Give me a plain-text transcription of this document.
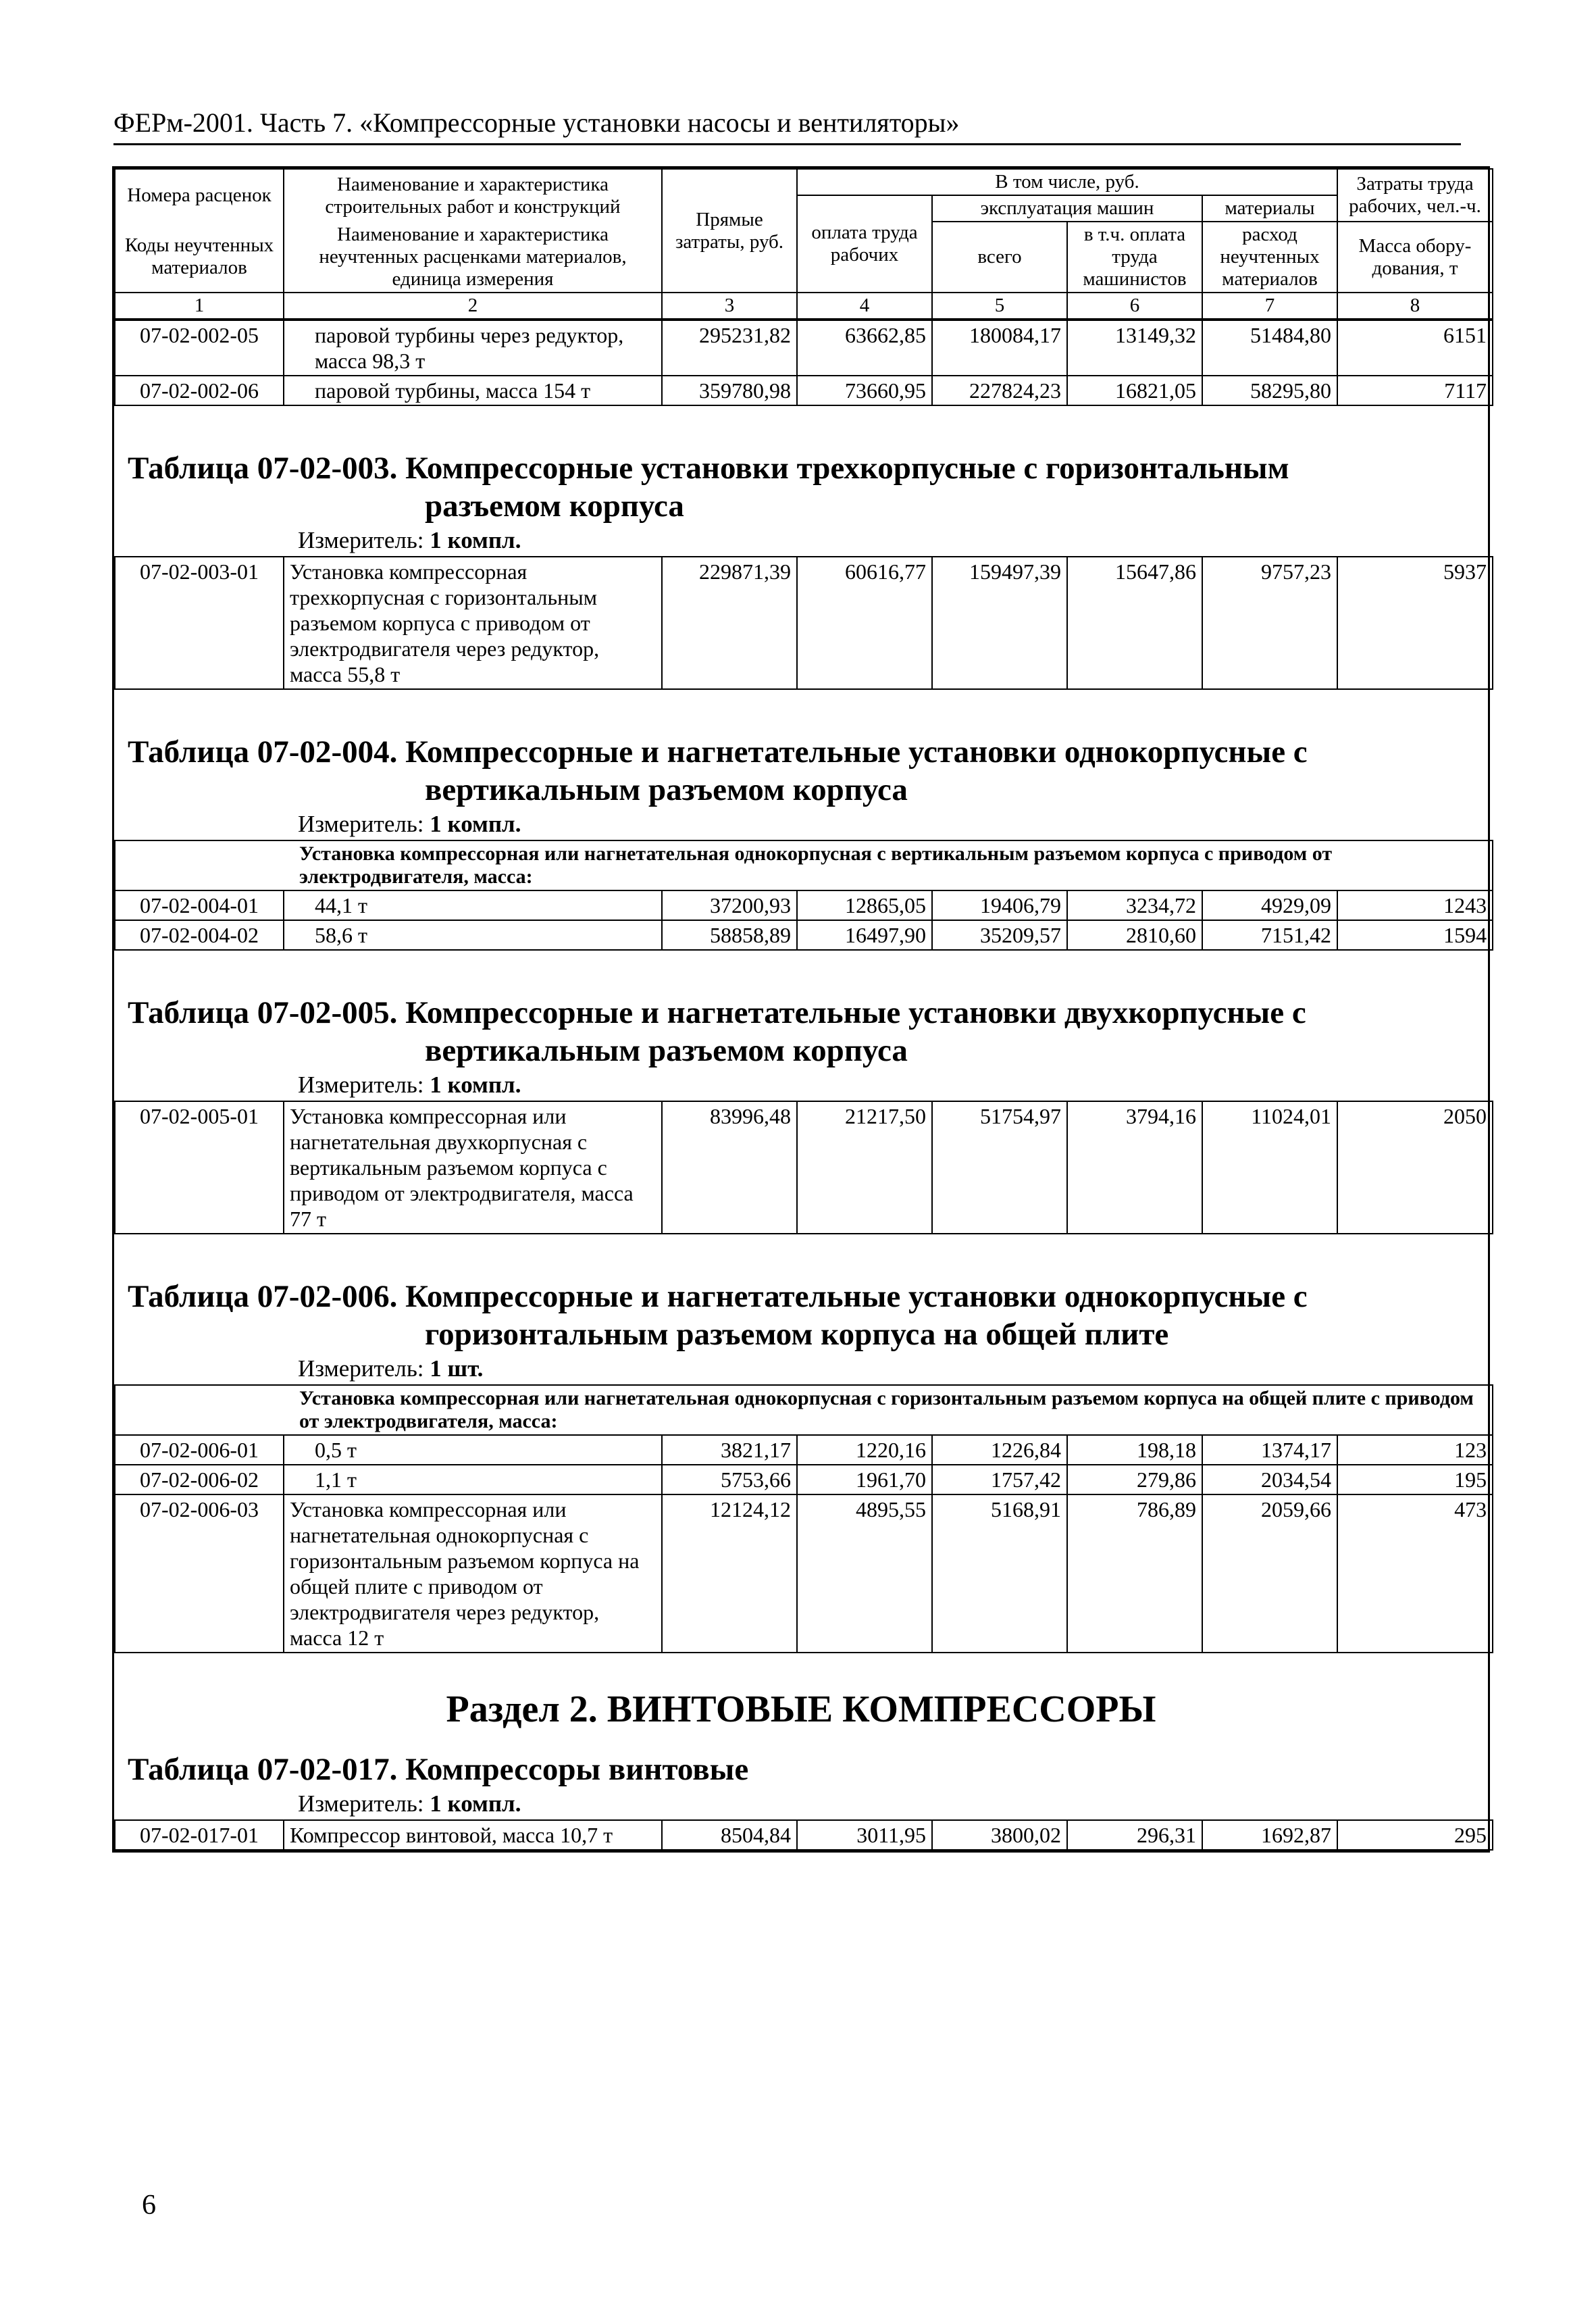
ФЕРм-2001. Часть 7. «Компрессорные установки насосы и вентиляторы»
Номера расценок	Наименование и характеристика строительных работ и конструкций	Прямые затраты, руб.	В том числе, руб.				Затраты труда рабочих, чел.-ч.
			оплата труда рабочих	эксплуатация машин		материалы	
Коды неучтенных материалов	Наименование и характеристика неучтенных расценками материалов, единица измерения			всего	в т.ч. оплата труда машинистов	расход неучтенных материалов	
							Масса обору-дования, т
1	2	3	4	5	6	7	8
07-02-002-05	паровой турбины через редуктор, масса 98,3 т	295231,82	63662,85	180084,17	13149,32	51484,80	6151
07-02-002-06	паровой турбины, масса 154 т	359780,98	73660,95	227824,23	16821,05	58295,80	7117
Таблица 07-02-003. Компрессорные установки трехкорпусные с горизонтальным
разъемом корпуса
Измеритель: 1 компл.
07-02-003-01	Установка компрессорная трехкорпусная с горизонтальным разъемом корпуса с приводом от электродвигателя через редуктор, масса 55,8 т	229871,39	60616,77	159497,39	15647,86	9757,23	5937
Таблица 07-02-004. Компрессорные и нагнетательные установки однокорпусные с
вертикальным разъемом корпуса
Измеритель: 1 компл.
Установка компрессорная или нагнетательная однокорпусная с вертикальным разъемом корпуса с приводом от электродвигателя, масса:							
07-02-004-01	44,1 т	37200,93	12865,05	19406,79	3234,72	4929,09	1243
07-02-004-02	58,6 т	58858,89	16497,90	35209,57	2810,60	7151,42	1594
Таблица 07-02-005. Компрессорные и нагнетательные установки двухкорпусные с
вертикальным разъемом корпуса
Измеритель: 1 компл.
07-02-005-01	Установка компрессорная или нагнетательная двухкорпусная с вертикальным разъемом корпуса с приводом от электродвигателя, масса 77 т	83996,48	21217,50	51754,97	3794,16	11024,01	2050
Таблица 07-02-006. Компрессорные и нагнетательные установки однокорпусные с
горизонтальным разъемом корпуса на общей плите
Измеритель: 1 шт.
Установка компрессорная или нагнетательная однокорпусная с горизонтальным разъемом корпуса на общей плите с приводом от электродвигателя, масса:							
07-02-006-01	0,5 т	3821,17	1220,16	1226,84	198,18	1374,17	123
07-02-006-02	1,1 т	5753,66	1961,70	1757,42	279,86	2034,54	195
07-02-006-03	Установка компрессорная или нагнетательная однокорпусная с горизонтальным разъемом корпуса на общей плите с приводом от электродвигателя через редуктор, масса 12 т	12124,12	4895,55	5168,91	786,89	2059,66	473
Раздел 2. ВИНТОВЫЕ КОМПРЕССОРЫ
Таблица 07-02-017. Компрессоры винтовые
Измеритель: 1 компл.
07-02-017-01	Компрессор винтовой, масса 10,7 т	8504,84	3011,95	3800,02	296,31	1692,87	295
6
